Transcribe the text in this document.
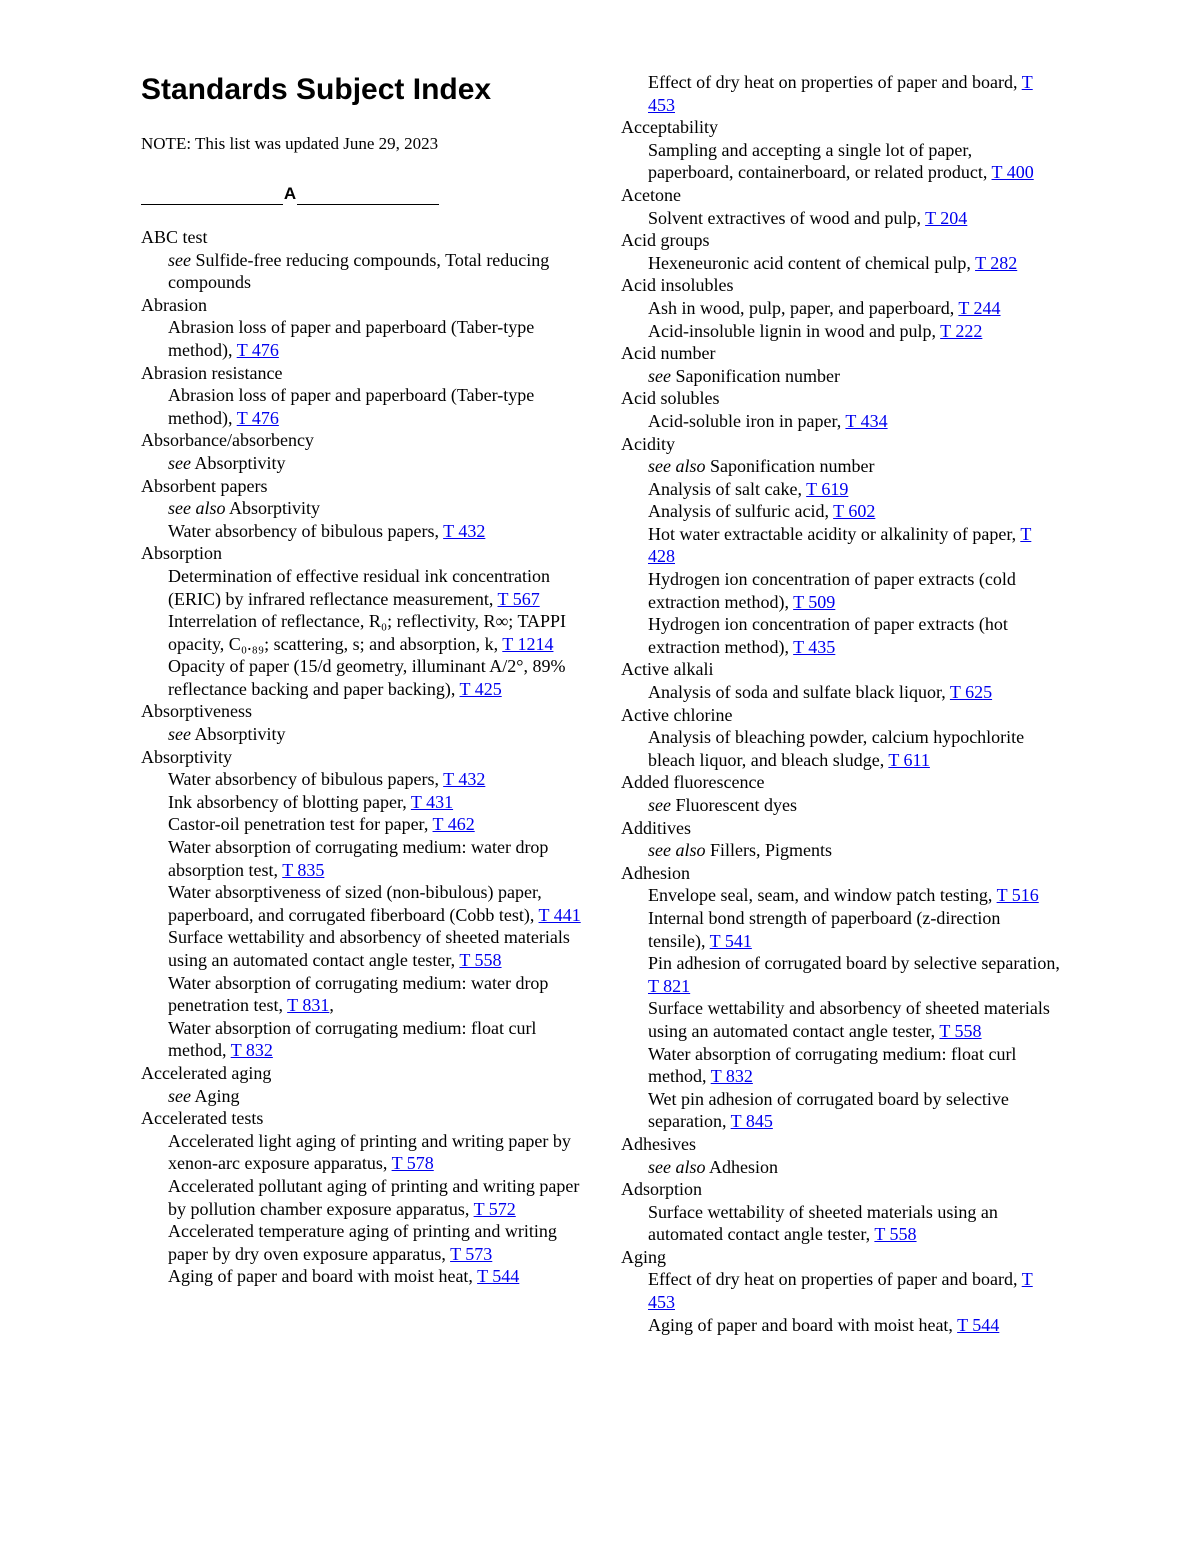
Standards Subject Index
NOTE: This list was updated June 29, 2023
A
ABC test
see Sulfide-free reducing compounds, Total reducing compounds
Abrasion
Abrasion loss of paper and paperboard (Taber-type method), T 476
Abrasion resistance
Abrasion loss of paper and paperboard (Taber-type method), T 476
Absorbance/absorbency
see Absorptivity
Absorbent papers
see also Absorptivity
Water absorbency of bibulous papers, T 432
Absorption
Determination of effective residual ink concentration (ERIC) by infrared reflectance measurement, T 567
Interrelation of reflectance, R₀; reflectivity, R∞; TAPPI opacity, C₀.₈₉; scattering, s; and absorption, k, T 1214
Opacity of paper (15/d geometry, illuminant A/2°, 89% reflectance backing and paper backing), T 425
Absorptiveness
see Absorptivity
Absorptivity
Water absorbency of bibulous papers, T 432
Ink absorbency of blotting paper, T 431
Castor-oil penetration test for paper, T 462
Water absorption of corrugating medium: water drop absorption test, T 835
Water absorptiveness of sized (non-bibulous) paper, paperboard, and corrugated fiberboard (Cobb test), T 441
Surface wettability and absorbency of sheeted materials using an automated contact angle tester, T 558
Water absorption of corrugating medium: water drop penetration test, T 831,
Water absorption of corrugating medium: float curl method, T 832
Accelerated aging
see Aging
Accelerated tests
Accelerated light aging of printing and writing paper by xenon-arc exposure apparatus, T 578
Accelerated pollutant aging of printing and writing paper by pollution chamber exposure apparatus, T 572
Accelerated temperature aging of printing and writing paper by dry oven exposure apparatus, T 573
Aging of paper and board with moist heat, T 544
Effect of dry heat on properties of paper and board, T 453
Acceptability
Sampling and accepting a single lot of paper, paperboard, containerboard, or related product, T 400
Acetone
Solvent extractives of wood and pulp, T 204
Acid groups
Hexeneuronic acid content of chemical pulp, T 282
Acid insolubles
Ash in wood, pulp, paper, and paperboard, T 244
Acid-insoluble lignin in wood and pulp, T 222
Acid number
see Saponification number
Acid solubles
Acid-soluble iron in paper, T 434
Acidity
see also Saponification number
Analysis of salt cake, T 619
Analysis of sulfuric acid, T 602
Hot water extractable acidity or alkalinity of paper, T 428
Hydrogen ion concentration of paper extracts (cold extraction method), T 509
Hydrogen ion concentration of paper extracts (hot extraction method), T 435
Active alkali
Analysis of soda and sulfate black liquor, T 625
Active chlorine
Analysis of bleaching powder, calcium hypochlorite bleach liquor, and bleach sludge, T 611
Added fluorescence
see Fluorescent dyes
Additives
see also Fillers, Pigments
Adhesion
Envelope seal, seam, and window patch testing, T 516
Internal bond strength of paperboard (z-direction tensile), T 541
Pin adhesion of corrugated board by selective separation, T 821
Surface wettability and absorbency of sheeted materials using an automated contact angle tester, T 558
Water absorption of corrugating medium: float curl method, T 832
Wet pin adhesion of corrugated board by selective separation, T 845
Adhesives
see also Adhesion
Adsorption
Surface wettability of sheeted materials using an automated contact angle tester, T 558
Aging
Effect of dry heat on properties of paper and board, T 453
Aging of paper and board with moist heat, T 544
